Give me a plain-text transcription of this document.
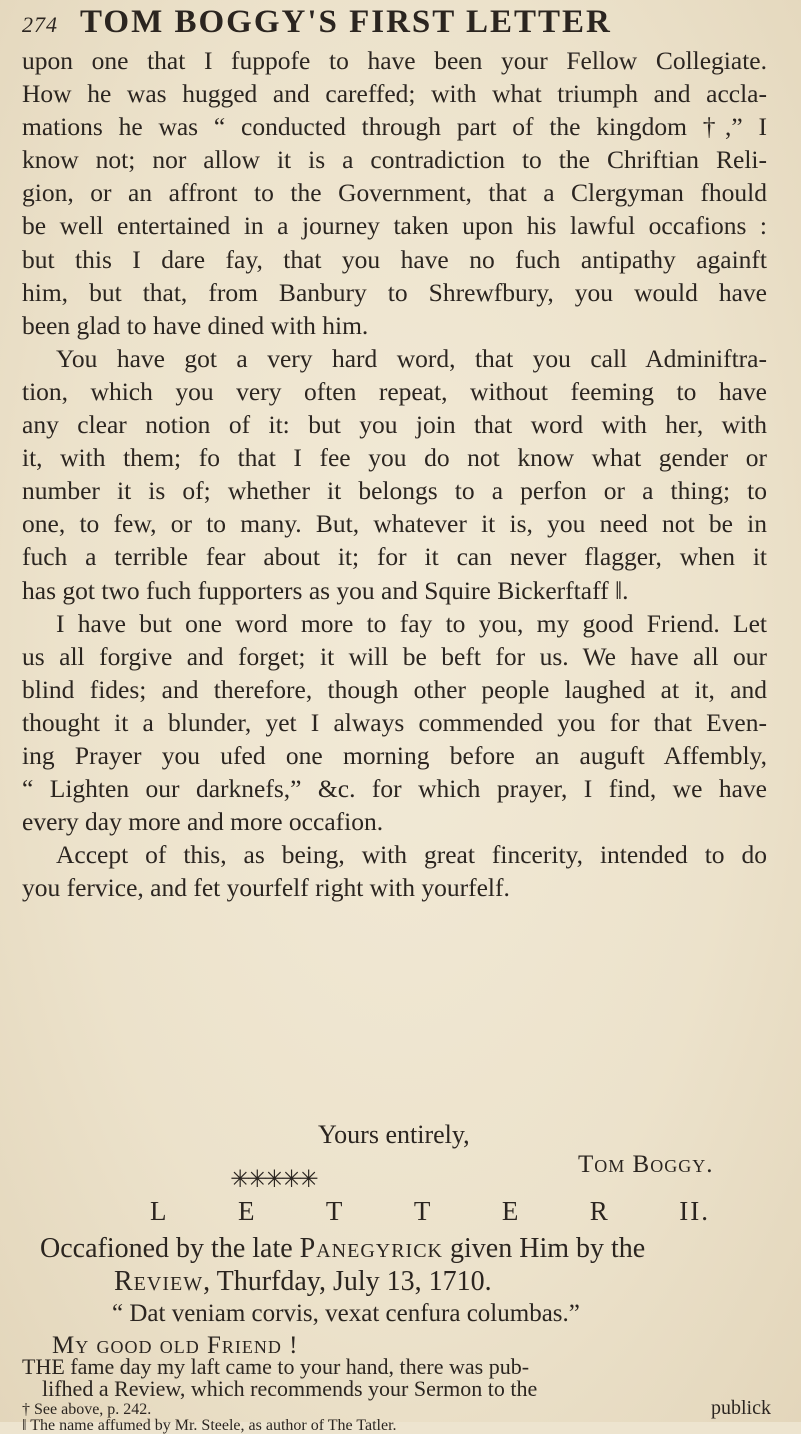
274 TOM BOGGY'S FIRST LETTER
upon one that I fuppofe to have been your Fellow Collegiate.
How he was hugged and careffed; with what triumph and accla-
mations he was “ conducted through part of the kingdom †,” I
know not; nor allow it is a contradiction to the Chriftian Reli-
gion, or an affront to the Government, that a Clergyman fhould
be well entertained in a journey taken upon his lawful occafions :
but this I dare fay, that you have no fuch antipathy againft
him, but that, from Banbury to Shrewfbury, you would have
been glad to have dined with him.
You have got a very hard word, that you call Adminiftra-
tion, which you very often repeat, without feeming to have
any clear notion of it: but you join that word with her, with
it, with them; fo that I fee you do not know what gender or
number it is of; whether it belongs to a perfon or a thing; to
one, to few, or to many. But, whatever it is, you need not be in
fuch a terrible fear about it; for it can never flagger, when it
has got two fuch fupporters as you and Squire Bickerftaff ‖.
I have but one word more to fay to you, my good Friend. Let
us all forgive and forget; it will be beft for us. We have all our
blind fides; and therefore, though other people laughed at it, and
thought it a blunder, yet I always commended you for that Even-
ing Prayer you ufed one morning before an auguft Affembly,
“ Lighten our darknefs,” &c. for which prayer, I find, we have
every day more and more occafion.
Accept of this, as being, with great fincerity, intended to do
you fervice, and fet yourfelf right with yourfelf.
Yours entirely,
Tom Boggy.
✳✳✳✳✳
L	E	T	T	E	R	II.
Occafioned by the late Panegyrick given Him by the
Review, Thurfday, July 13, 1710.
“ Dat veniam corvis, vexat cenfura columbas.”
My good old Friend !
THE fame day my laft came to your hand, there was pub-
lifhed a Review, which recommends your Sermon to the
† See above, p. 242.
‖ The name affumed by Mr. Steele, as author of The Tatler.
publick
